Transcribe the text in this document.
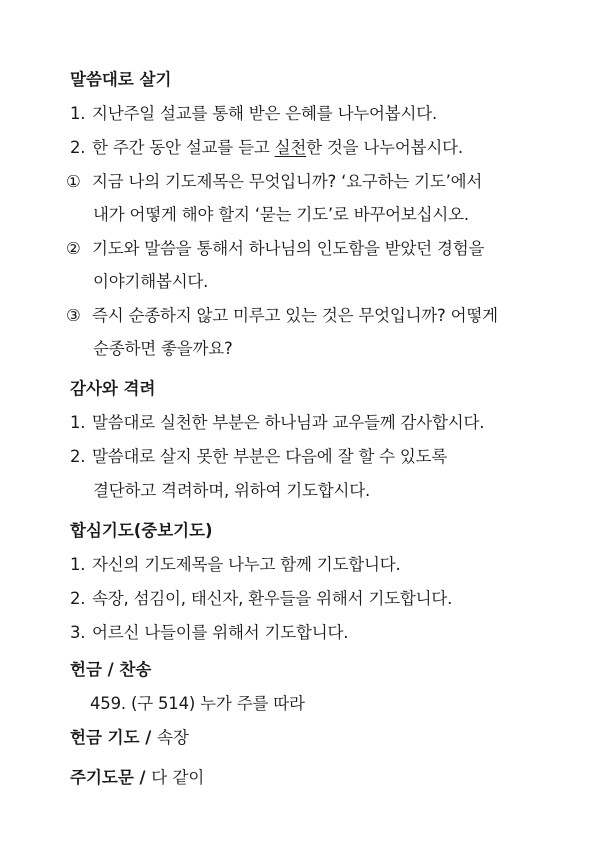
말씀대로 살기
1. 지난주일 설교를 통해 받은 은혜를 나누어봅시다.
2. 한 주간 동안 설교를 듣고 실천한 것을 나누어봅시다.
① 지금 나의 기도제목은 무엇입니까? ‘요구하는 기도’에서
내가 어떻게 해야 할지 ‘묻는 기도’로 바꾸어보십시오.
② 기도와 말씀을 통해서 하나님의 인도함을 받았던 경험을
이야기해봅시다.
③ 즉시 순종하지 않고 미루고 있는 것은 무엇입니까? 어떻게
순종하면 좋을까요?
감사와 격려
1. 말씀대로 실천한 부분은 하나님과 교우들께 감사합시다.
2. 말씀대로 살지 못한 부분은 다음에 잘 할 수 있도록
결단하고 격려하며, 위하여 기도합시다.
합심기도(중보기도)
1. 자신의 기도제목을 나누고 함께 기도합니다.
2. 속장, 섬김이, 태신자, 환우들을 위해서 기도합니다.
3. 어르신 나들이를 위해서 기도합니다.
헌금 / 찬송
459. (구 514) 누가 주를 따라
헌금 기도 / 속장
주기도문 / 다 같이
